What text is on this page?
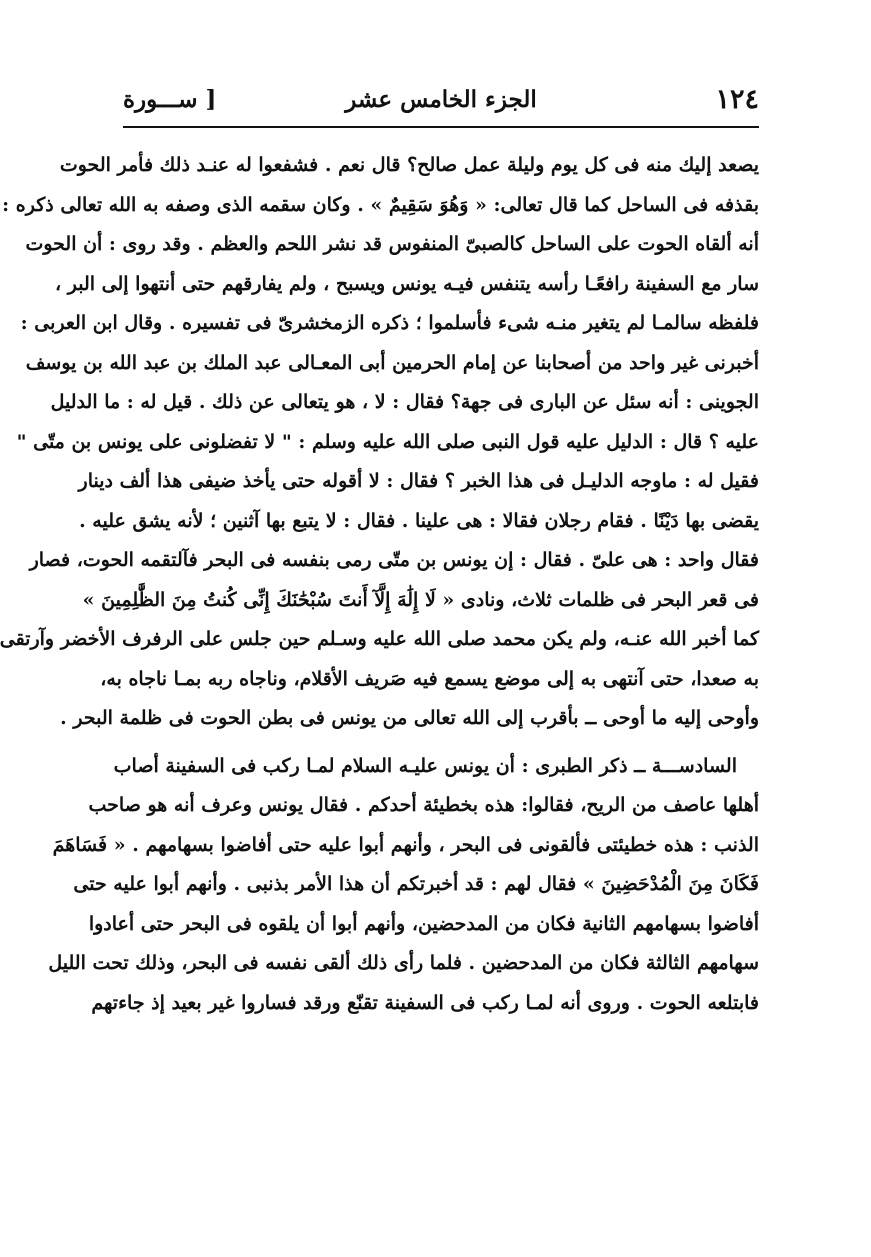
١٢٤
الجزء الخامس عشر
[ ســـورة
يصعد إليك منه فى كل يوم وليلة عمل صالح؟ قال نعم . فشفعوا له عنـد ذلك فأمر الحوت
بقذفه فى الساحل كما قال تعالى: « وَهُوَ سَقِيمٌ » . وكان سقمه الذى وصفه به الله تعالى ذكره :
أنه ألقاه الحوت على الساحل كالصبىّ المنفوس قد نشر اللحم والعظم . وقد روى : أن الحوت
سار مع السفينة رافعًـا رأسه يتنفس فيـه يونس ويسبح ، ولم يفارقهم حتى أنتهوا إلى البر ،
فلفظه سالمـا لم يتغير منـه شىء فأسلموا ؛ ذكره الزمخشرىّ فى تفسيره . وقال ابن العربى :
أخبرنى غير واحد من أصحابنا عن إمام الحرمين أبى المعـالى عبد الملك بن عبد الله بن يوسف
الجوينى : أنه سئل عن البارى فى جهة؟ فقال : لا ، هو يتعالى عن ذلك . قيل له : ما الدليل
عليه ؟ قال : الدليل عليه قول النبى صلى الله عليه وسلم : " لا تفضلونى على يونس بن متّى "
فقيل له : ماوجه الدليـل فى هذا الخبر ؟ فقال : لا أقوله حتى يأخذ ضيفى هذا ألف دينار
يقضى بها دَيْنًا . فقام رجلان فقالا : هى علينا . فقال : لا يتبع بها آثنين ؛ لأنه يشق عليه .
فقال واحد : هى علىّ . فقال : إن يونس بن متّى رمى بنفسه فى البحر فآلتقمه الحوت، فصار
فى قعر البحر فى ظلمات ثلاث، ونادى « لَا إِلَٰهَ إِلَّآ أَنتَ سُبْحَٰنَكَ إِنِّى كُنتُ مِنَ الظَّٰلِمِينَ »
كما أخبر الله عنـه، ولم يكن محمد صلى الله عليه وسـلم حين جلس على الرفرف الأخضر وآرتقى
به صعدا، حتى آنتهى به إلى موضع يسمع فيه صَريف الأقلام، وناجاه ربه بمـا ناجاه به،
وأوحى إليه ما أوحى ــ بأقرب إلى الله تعالى من يونس فى بطن الحوت فى ظلمة البحر .
السادســـة ــ ذكر الطبرى : أن يونس عليـه السلام لمـا ركب فى السفينة أصاب
أهلها عاصف من الريح، فقالوا: هذه بخطيئة أحدكم . فقال يونس وعرف أنه هو صاحب
الذنب : هذه خطيئتى فألقونى فى البحر ، وأنهم أبوا عليه حتى أفاضوا بسهامهم . « فَسَاهَمَ
فَكَانَ مِنَ الْمُدْحَضِينَ » فقال لهم : قد أخبرتكم أن هذا الأمر بذنبى . وأنهم أبوا عليه حتى
أفاضوا بسهامهم الثانية فكان من المدحضين، وأنهم أبوا أن يلقوه فى البحر حتى أعادوا
سهامهم الثالثة فكان من المدحضين . فلما رأى ذلك ألقى نفسه فى البحر، وذلك تحت الليل
فابتلعه الحوت . وروى أنه لمـا ركب فى السفينة تقنّع ورقد فساروا غير بعيد إذ جاءتهم
